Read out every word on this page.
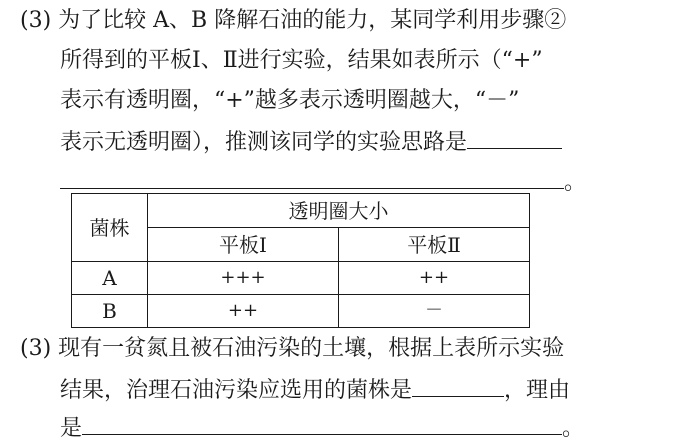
(3) 为了比较 A、B 降解石油的能力，某同学利用步骤②
所得到的平板Ⅰ、Ⅱ进行实验，结果如表所示（“+”
表示有透明圈，“+”越多表示透明圈越大，“－”
表示无透明圈），推测该同学的实验思路是
。
菌株	透明圈大小	
	平板Ⅰ	平板Ⅱ
A	+++	++
B	++	－
(3) 现有一贫氮且被石油污染的土壤，根据上表所示实验
结果，治理石油污染应选用的菌株是	，理由
是	。
